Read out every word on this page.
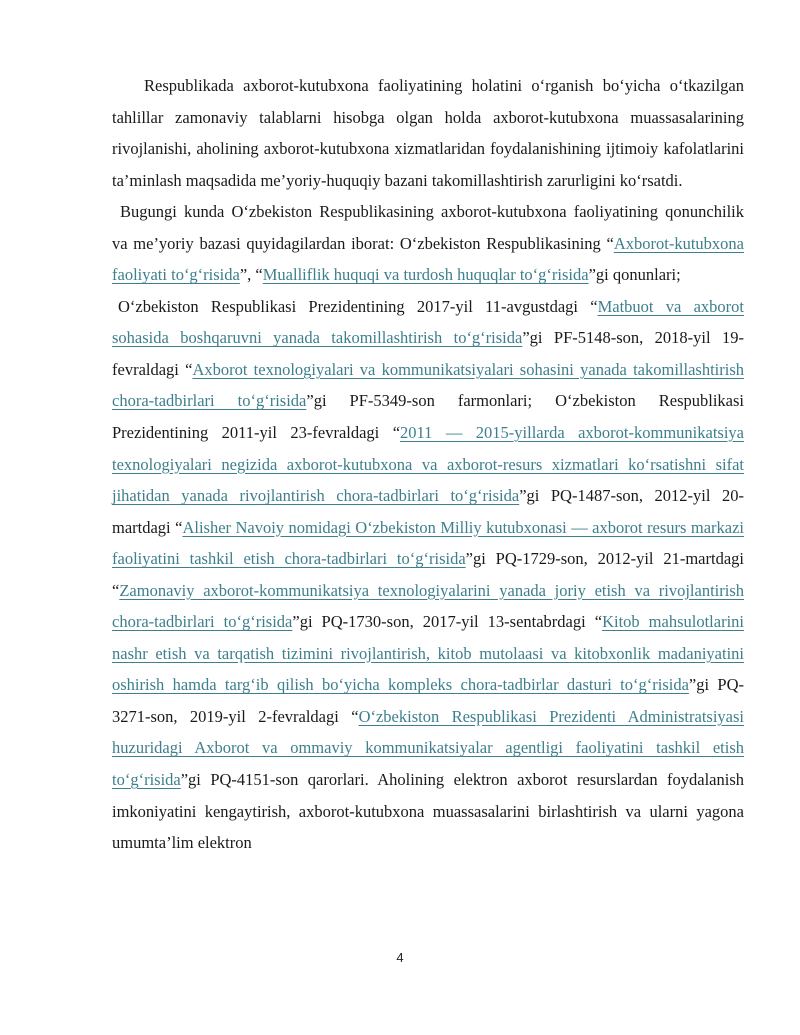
Respublikada axborot-kutubxona faoliyatining holatini o‘rganish bo‘yicha o‘tkazilgan tahlillar zamonaviy talablarni hisobga olgan holda axborot-kutubxona muassasalarining rivojlanishi, aholining axborot-kutubxona xizmatlaridan foydalanishining ijtimoiy kafolatlarini ta’minlash maqsadida me’yoriy-huquqiy bazani takomillashtirish zarurligini ko‘rsatdi.

Bugungi kunda O‘zbekiston Respublikasining axborot-kutubxona faoliyatining qonunchilik va me’yoriy bazasi quyidagilardan iborat: O‘zbekiston Respublikasining “Axborot-kutubxona faoliyati to‘g‘risida”, “Mualliflik huquqi va turdosh huquqlar to‘g‘risida”gi qonunlari;

O‘zbekiston Respublikasi Prezidentining 2017-yil 11-avgustdagi “Matbuot va axborot sohasida boshqaruvni yanada takomillashtirish to‘g‘risida”gi PF-5148-son, 2018-yil 19-fevraldagi “Axborot texnologiyalari va kommunikatsiyalari sohasini yanada takomillashtirish chora-tadbirlari to‘g‘risida”gi PF-5349-son farmonlari; O‘zbekiston Respublikasi Prezidentining 2011-yil 23-fevraldagi “2011 — 2015-yillarda axborot-kommunikatsiya texnologiyalari negizida axborot-kutubxona va axborot-resurs xizmatlari ko‘rsatishni sifat jihatidan yanada rivojlantirish chora-tadbirlari to‘g‘risida”gi PQ-1487-son, 2012-yil 20-martdagi “Alisher Navoiy nomidagi O‘zbekiston Milliy kutubxonasi — axborot resurs markazi faoliyatini tashkil etish chora-tadbirlari to‘g‘risida”gi PQ-1729-son, 2012-yil 21-martdagi “Zamonaviy axborot-kommunikatsiya texnologiyalarini yanada joriy etish va rivojlantirish chora-tadbirlari to‘g‘risida”gi PQ-1730-son, 2017-yil 13-sentabrdagi “Kitob mahsulotlarini nashr etish va tarqatish tizimini rivojlantirish, kitob mutolaasi va kitobxonlik madaniyatini oshirish hamda targ‘ib qilish bo‘yicha kompleks chora-tadbirlar dasturi to‘g‘risida”gi PQ-3271-son, 2019-yil 2-fevraldagi “O‘zbekiston Respublikasi Prezidenti Administratsiyasi huzuridagi Axborot va ommaviy kommunikatsiyalar agentligi faoliyatini tashkil etish to‘g‘risida”gi PQ-4151-son qarorlari. Aholining elektron axborot resurslardan foydalanish imkoniyatini kengaytirish, axborot-kutubxona muassasalarini birlashtirish va ularni yagona umumta’lim elektron

4
